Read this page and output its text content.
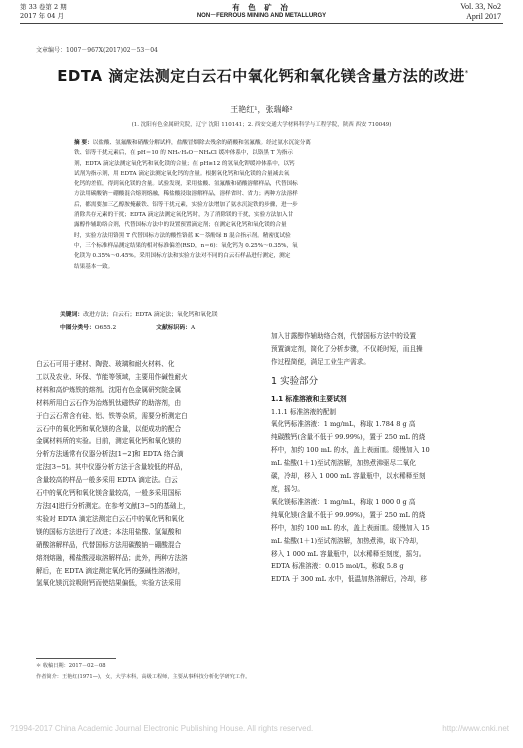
第 33 卷第 2 期
2017 年 04 月
有 色 矿 冶
NON－FERROUS MINING AND METALLURGY
Vol. 33, No2
April 2017
文章编号：1007－967X(2017)02－53－04
EDTA 滴定法测定白云石中氧化钙和氧化镁含量方法的改进*
王艳红¹，张瑞峰²
(1. 沈阳有色金属研究院，辽宁 沈阳 110141；2. 西安交通大学材料科学与工程学院，陕西 西安 710049)
摘 要：以盐酸、氢氟酸和硝酸分解试样，盐酸冒烟除去残余的硝酸和氢氟酸。经过氨水沉淀分离
铁、铝等干扰元素后，在 pH＝10 的 NH₃·H₂O－NH₄Cl 缓冲体系中，以铬黑 T 为指示
剂，EDTA 滴定法测定氧化钙和氧化镁的合量；在 pH≥12 的氢氧化钾缓冲体系中，以钙
试剂为指示剂，用 EDTA 滴定法测定氧化钙的含量。根据氧化钙和氧化镁的合量减去氧
化钙的差值，得到氧化镁的含量。试验发现，采用盐酸、氢氟酸和硝酸溶解样品，代替国标
方法用碳酸钠－硼酸混合熔剂熔融，稀盐酸浸取溶解样品，溶样省时、省力；两种方法溶样
后，都需要加三乙醇胺掩蔽铁、铝等干扰元素，实验方法增加了氨水沉淀铁的步骤，进一步
消除共存元素的干扰；EDTA 滴定法测定氧化钙时，为了消除镁的干扰，实验方法加入甘
露醇作辅助络合剂，代替国标方法中的设置预置滴定剂；在测定氧化钙和氧化镁的合量
时，实验方法用铬黑 T 代替国标方法的酸性铬蓝 K－萘酚绿 B 混合指示剂。精密度试验
中，三个标准样品测定结果的相对标准偏差(RSD，n＝6)：氧化钙为 0.25%～0.35%，氧
化镁为 0.35%～0.45%。采用国标方法和实验方法对不同的白云石样品进行测定，测定
结果基本一致。
关键词：改进方法；白云石；EDTA 滴定法；氧化钙和氧化镁
中图分类号：O655.2	文献标识码：A
白云石可用于建材、陶瓷、玻璃和耐火材料、化
工以及农业、环保、节能等领域，主要用作碱性耐火
材料和高炉炼铁的熔剂。沈阳有色金属研究院金属
材料所用白云石作为冶炼钒钛磁铁矿的助溶剂，由
于白云石常含有硅、铝、铁等杂质，需要分析测定白
云石中的氧化钙和氧化镁的含量，以便成功的配合
金属材料所的实验。目前，测定氧化钙和氧化镁的
分析方法通常有仪器分析法[1−2]和 EDTA 络合滴
定法[3−5]。其中仪器分析方法于含量较低的样品，
含量较高的样品一般多采用 EDTA 滴定法。白云
石中的氧化钙和氧化镁含量较高，一般多采用国标
方法[4]进行分析测定。在参考文献[3−5]的基础上，
实验对 EDTA 滴定法测定白云石中的氧化钙和氧化
镁的国标方法进行了改进；本法用盐酸、氢氟酸和
硝酸溶解样品，代替国标方法用碳酸钠－硼酸混合
熔剂熔融，稀盐酸浸取溶解样品；此外，两种方法溶
解后，在 EDTA 滴定测定氧化钙的强碱性溶液时，
氢氧化镁沉淀吸附钙而使结果偏低，实验方法采用
加入甘露醇作辅助络合剂，代替国标方法中的设置
预置滴定剂，简化了分析步骤，不仅耗时短，而且操
作过程简便，满足工业生产需求。
1 实验部分
1.1 标准溶液和主要试剂
1.1.1 标准溶液的配制
氧化钙标准溶液：1 mg/mL，称取 1.784 8 g 高
纯碳酸钙(含量不低于 99.99%)，置于 250 mL 的烧
杯中，加约 100 mL 的水，盖上表面皿。缓慢加入 10
mL 盐酸(1＋1)至试剂溶解，加热煮沸驱尽二氧化
碳，冷却，移入 1 000 mL 容量瓶中，以水稀释至刻
度，摇匀。
氧化镁标准溶液：1 mg/mL，称取 1 000 0 g 高
纯氧化镁(含量不低于 99.99%)，置于 250 mL 的烧
杯中，加约 100 mL 的水，盖上表面皿。缓慢加入 15
mL 盐酸(1＋1)至试剂溶解，加热煮沸，取下冷却，
移入 1 000 mL 容量瓶中，以水稀释至刻度，摇匀。
EDTA 标准溶液：0.015 mol/L，称取 5.8 g
EDTA 于 300 mL 水中，低温加热溶解后，冷却，移
＊ 收稿日期：2017－02－08
作者简介：王艳红(1971—)，女，大学本科，高级工程师，主要从事科技分析化学研究工作。
?1994-2017 China Academic Journal Electronic Publishing House. All rights reserved.	http://www.cnki.net
